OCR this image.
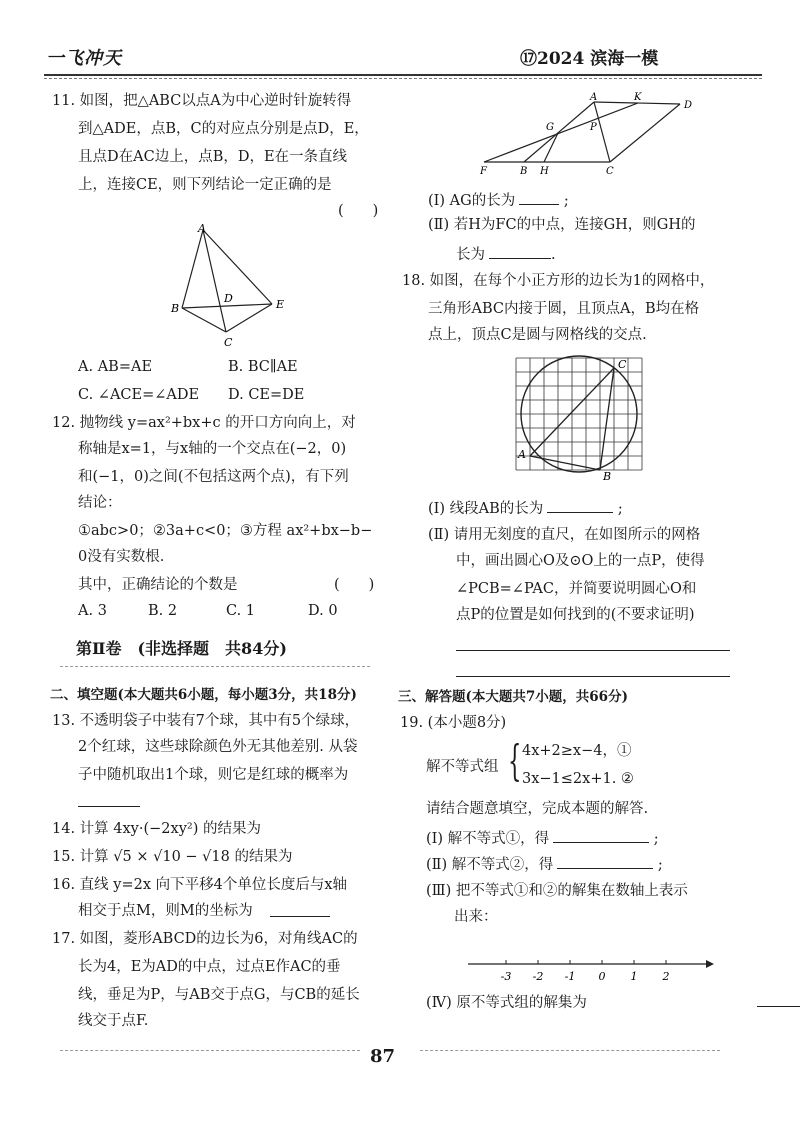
一飞冲天	⑰2024 滨海一模
11. 如图，把△ABC以点A为中心逆时针旋转得
到△ADE，点B，C的对应点分别是点D，E，
且点D在AC边上，点B，D，E在一条直线
上，连接CE，则下列结论一定正确的是
(　　)
A
B
D	E
C
A. AB=AE	B. BC∥AE
C. ∠ACE=∠ADE D. CE=DE
12. 抛物线 y=ax²+bx+c 的开口方向向上，对
称轴是x=1，与x轴的一个交点在(−2，0)
和(−1，0)之间(不包括这两个点)，有下列
结论：
①abc>0；②3a+c<0；③方程 ax²+bx−b−
0没有实数根.
其中，正确结论的个数是	(　　)
A. 3	B. 2	C. 1	D. 0
第Ⅱ卷　(非选择题　共84分)
二、填空题(本大题共6小题，每小题3分，共18分)
13. 不透明袋子中装有7个球，其中有5个绿球，
2个红球，这些球除颜色外无其他差别. 从袋
子中随机取出1个球，则它是红球的概率为
14. 计算 4xy·(−2xy²) 的结果为
15. 计算 √5 × √10 − √18 的结果为
16. 直线 y=2x 向下平移4个单位长度后与x轴
相交于点M，则M的坐标为
17. 如图，菱形ABCD的边长为6，对角线AC的
长为4，E为AD的中点，过点E作AC的垂
线，垂足为P，与AB交于点G，与CB的延长
线交于点F.
A	K
D
G	P
F	B H	C
(Ⅰ) AG的长为	;
(Ⅱ) 若H为FC的中点，连接GH，则GH的
长为	.
18. 如图，在每个小正方形的边长为1的网格中，
三角形ABC内接于圆，且顶点A，B均在格
点上，顶点C是圆与网格线的交点.
A
B
C
(Ⅰ) 线段AB的长为	;
(Ⅱ) 请用无刻度的直尺，在如图所示的网格
中，画出圆心O及⊙O上的一点P，使得
∠PCB=∠PAC，并简要说明圆心O和
点P的位置是如何找到的(不要求证明)
三、解答题(本大题共7小题，共66分)
19. (本小题8分)
解不等式组 { 4x+2≥x−4，①
3x−1≤2x+1. ②
请结合题意填空，完成本题的解答.
(Ⅰ) 解不等式①，得	;
(Ⅱ) 解不等式②，得	;
(Ⅲ) 把不等式①和②的解集在数轴上表示
出来：
-3 -2 -1 0 1 2
(Ⅳ) 原不等式组的解集为
87
